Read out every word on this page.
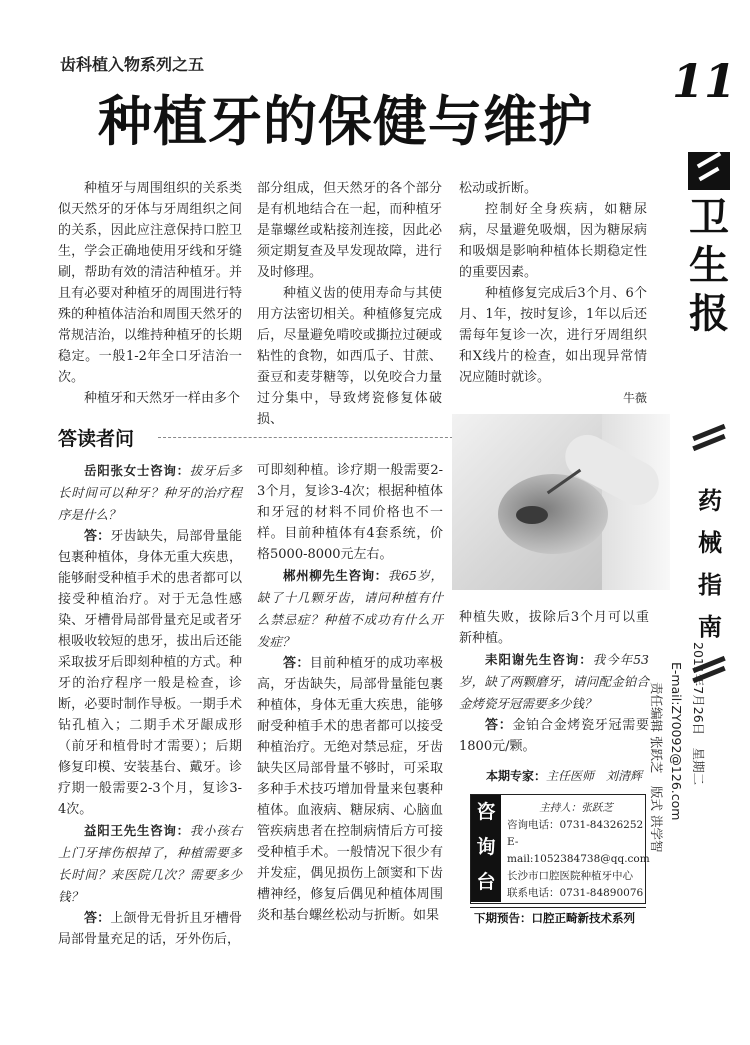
齿科植入物系列之五
种植牙的保健与维护

种植牙与周围组织的关系类似天然牙的牙体与牙周组织之间的关系，因此应注意保持口腔卫生，学会正确地使用牙线和牙缝刷，帮助有效的清洁种植牙。并且有必要对种植牙的周围进行特殊的种植体洁治和周围天然牙的常规洁治，以维持种植牙的长期稳定。一般1-2年全口牙洁治一次。

种植牙和天然牙一样由多个

部分组成，但天然牙的各个部分是有机地结合在一起，而种植牙是靠螺丝或粘接剂连接，因此必须定期复查及早发现故障，进行及时修理。

种植义齿的使用寿命与其使用方法密切相关。种植修复完成后，尽量避免啃咬或撕拉过硬或粘性的食物，如西瓜子、甘蔗、蚕豆和麦芽糖等，以免咬合力量过分集中，导致烤瓷修复体破损、

松动或折断。

控制好全身疾病，如糖尿病，尽量避免吸烟，因为糖尿病和吸烟是影响种植体长期稳定性的重要因素。

种植修复完成后3个月、6个月、1年，按时复诊，1年以后还需每年复诊一次，进行牙周组织和X线片的检查，如出现异常情况应随时就诊。

牛薇

答读者问

岳阳张女士咨询：拔牙后多长时间可以种牙？种牙的治疗程序是什么？

答：牙齿缺失，局部骨量能包裹种植体，身体无重大疾患，能够耐受种植手术的患者都可以接受种植治疗。对于无急性感染、牙槽骨局部骨量充足或者牙根吸收较短的患牙，拔出后还能采取拔牙后即刻种植的方式。种牙的治疗程序一般是检查，诊断，必要时制作导板。一期手术钻孔植入；二期手术牙龈成形（前牙和植骨时才需要）；后期修复印模、安装基台、戴牙。诊疗期一般需要2-3个月，复诊3-4次。

益阳王先生咨询：我小孩右上门牙摔伤根掉了，种植需要多长时间？来医院几次？需要多少钱？

答：上颌骨无骨折且牙槽骨局部骨量充足的话，牙外伤后，

可即刻种植。诊疗期一般需要2-3个月，复诊3-4次；根据种植体和牙冠的材料不同价格也不一样。目前种植体有4套系统，价格5000-8000元左右。

郴州柳先生咨询：我65岁，缺了十几颗牙齿，请问种植有什么禁忌症？种植不成功有什么开发症？

答：目前种植牙的成功率极高，牙齿缺失，局部骨量能包裹种植体，身体无重大疾患，能够耐受种植手术的患者都可以接受种植治疗。无绝对禁忌症，牙齿缺失区局部骨量不够时，可采取多种手术技巧增加骨量来包裹种植体。血液病、糖尿病、心脑血管疾病患者在控制病情后方可接受种植手术。一般情况下很少有并发症，偶见损伤上颌窦和下齿槽神经，修复后偶见种植体周围炎和基台螺丝松动与折断。如果

种植失败，拔除后3个月可以重新种植。

耒阳谢先生咨询：我今年53岁，缺了两颗磨牙，请问配金铂合金烤瓷牙冠需要多少钱？

答：金铂合金烤瓷牙冠需要1800元/颗。

本期专家：主任医师　刘清辉
咨询台
主持人：张跃芝
咨询电话：0731-84326252
E-mail:1052384738@qq.com
长沙市口腔医院种植牙中心
联系电话：0731-84890076
下期预告：口腔正畸新技术系列
11
卫生报
药械指南
2011年7月26日　星期二
E-mail:ZY0092@126.com
责任编辑 张跃芝　版式 洪学智
